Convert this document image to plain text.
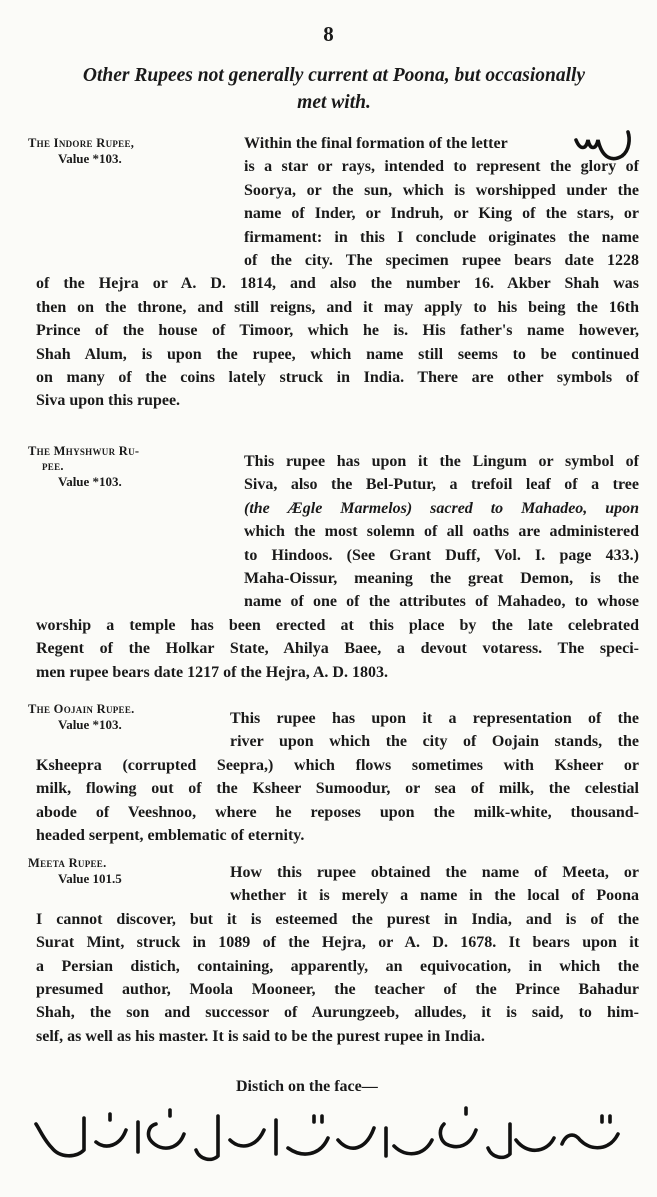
8
Other Rupees not generally current at Poona, but occasionally
met with.
The Indore Rupee,
Value *103.
Within the final formation of the letter
is a star or rays, intended to represent the glory of
Soorya, or the sun, which is worshipped under the
name of Inder, or Indruh, or King of the stars, or
firmament: in this I conclude originates the name
of the city. The specimen rupee bears date 1228
of the Hejra or A. D. 1814, and also the number 16. Akber Shah was
then on the throne, and still reigns, and it may apply to his being the 16th
Prince of the house of Timoor, which he is. His father's name however,
Shah Alum, is upon the rupee, which name still seems to be continued
on many of the coins lately struck in India. There are other symbols of
Siva upon this rupee.
The Mhyshwur Ru-
pee.
Value *103.
This rupee has upon it the Lingum or symbol of
Siva, also the Bel-Putur, a trefoil leaf of a tree
(the Ægle Marmelos) sacred to Mahadeo, upon
which the most solemn of all oaths are administered
to Hindoos. (See Grant Duff, Vol. I. page 433.)
Maha-Oissur, meaning the great Demon, is the
name of one of the attributes of Mahadeo, to whose
worship a temple has been erected at this place by the late celebrated
Regent of the Holkar State, Ahilya Baee, a devout votaress. The speci-
men rupee bears date 1217 of the Hejra, A. D. 1803.
The Oojain Rupee.
Value *103.	This rupee has upon it a representation of the
river upon which the city of Oojain stands, the
Ksheepra (corrupted Seepra,) which flows sometimes with Ksheer or
milk, flowing out of the Ksheer Sumoodur, or sea of milk, the celestial
abode of Veeshnoo, where he reposes upon the milk-white, thousand-
headed serpent, emblematic of eternity.
Meeta Rupee.
Value 101.5	How this rupee obtained the name of Meeta, or
whether it is merely a name in the local of Poona
I cannot discover, but it is esteemed the purest in India, and is of the
Surat Mint, struck in 1089 of the Hejra, or A. D. 1678. It bears upon it
a Persian distich, containing, apparently, an equivocation, in which the
presumed author, Moola Mooneer, the teacher of the Prince Bahadur
Shah, the son and successor of Aurungzeeb, alludes, it is said, to him-
self, as well as his master. It is said to be the purest rupee in India.
Distich on the face—
